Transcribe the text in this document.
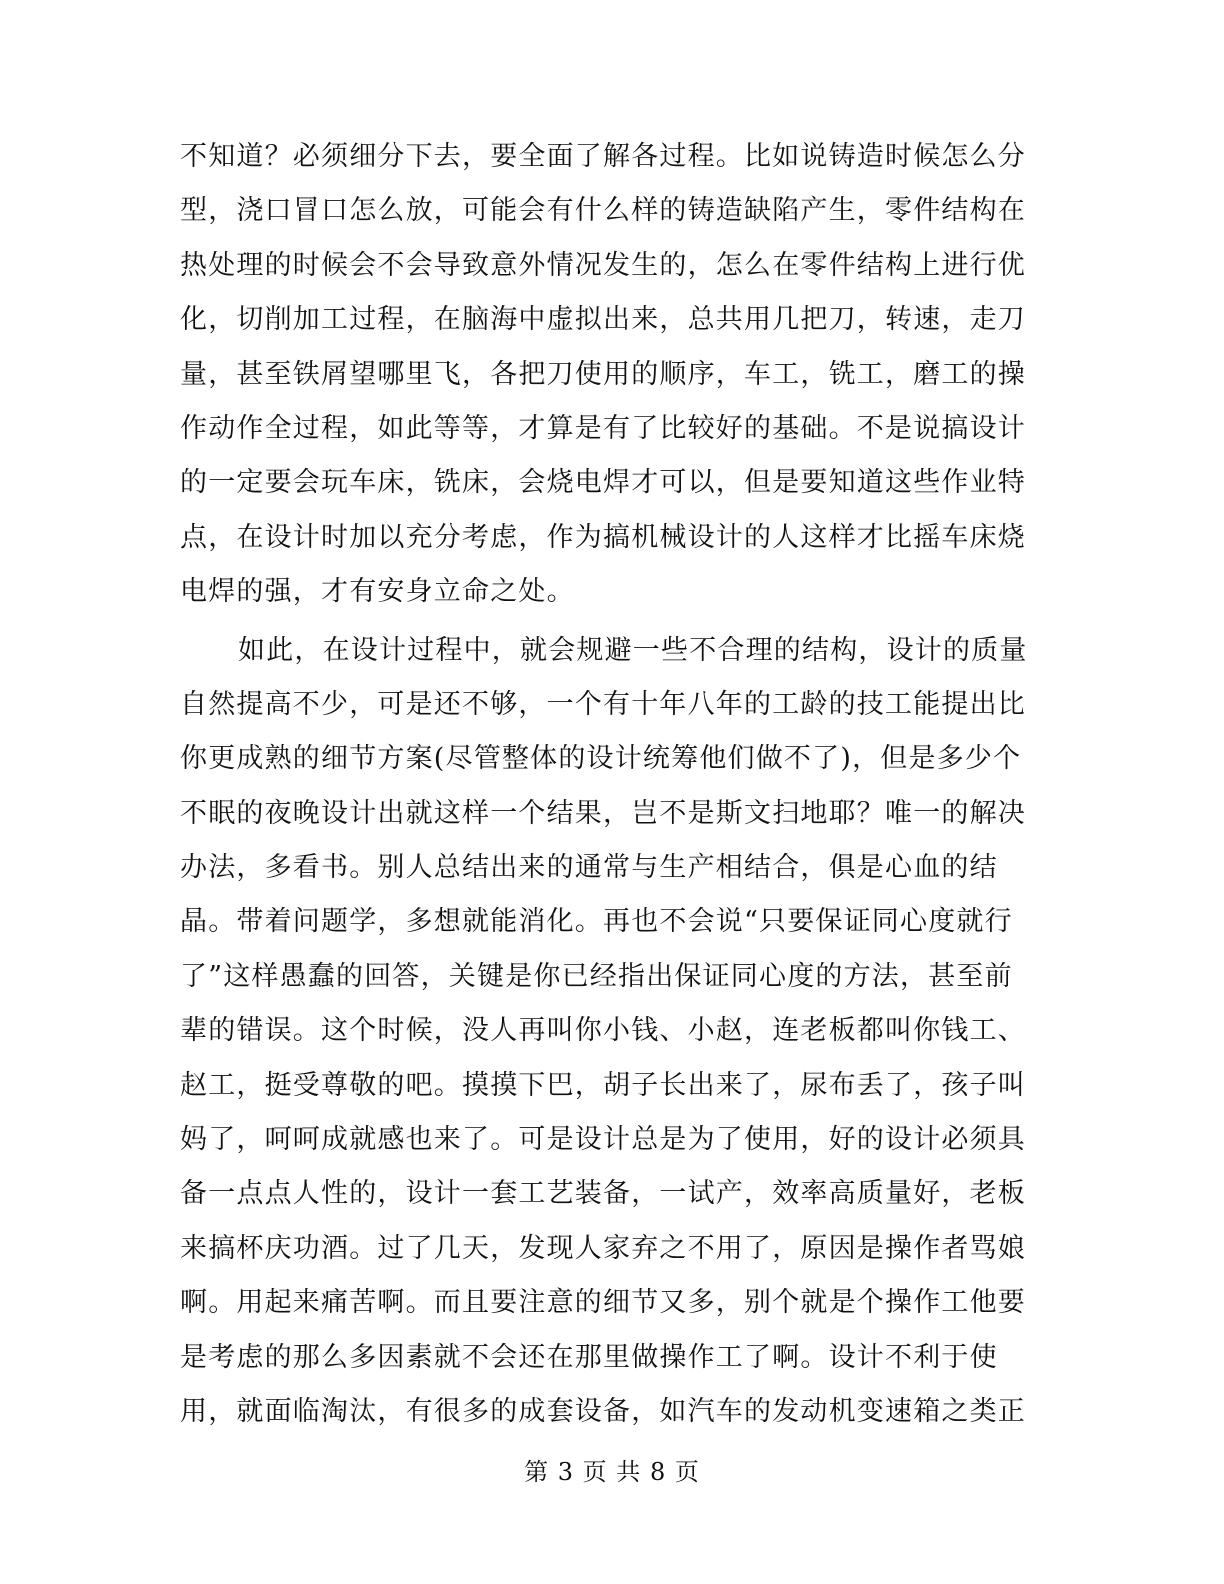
不知道？必须细分下去，要全面了解各过程。比如说铸造时候怎么分
型，浇口冒口怎么放，可能会有什么样的铸造缺陷产生，零件结构在
热处理的时候会不会导致意外情况发生的，怎么在零件结构上进行优
化，切削加工过程，在脑海中虚拟出来，总共用几把刀，转速，走刀
量，甚至铁屑望哪里飞，各把刀使用的顺序，车工，铣工，磨工的操
作动作全过程，如此等等，才算是有了比较好的基础。不是说搞设计
的一定要会玩车床，铣床，会烧电焊才可以，但是要知道这些作业特
点，在设计时加以充分考虑，作为搞机械设计的人这样才比摇车床烧
电焊的强，才有安身立命之处。
如此，在设计过程中，就会规避一些不合理的结构，设计的质量
自然提高不少，可是还不够，一个有十年八年的工龄的技工能提出比
你更成熟的细节方案(尽管整体的设计统筹他们做不了)，但是多少个
不眠的夜晚设计出就这样一个结果，岂不是斯文扫地耶？唯一的解决
办法，多看书。别人总结出来的通常与生产相结合，俱是心血的结
晶。带着问题学，多想就能消化。再也不会说“只要保证同心度就行
了”这样愚蠢的回答，关键是你已经指出保证同心度的方法，甚至前
辈的错误。这个时候，没人再叫你小钱、小赵，连老板都叫你钱工、
赵工，挺受尊敬的吧。摸摸下巴，胡子长出来了，尿布丢了，孩子叫
妈了，呵呵成就感也来了。可是设计总是为了使用，好的设计必须具
备一点点人性的，设计一套工艺装备，一试产，效率高质量好，老板
来搞杯庆功酒。过了几天，发现人家弃之不用了，原因是操作者骂娘
啊。用起来痛苦啊。而且要注意的细节又多，别个就是个操作工他要
是考虑的那么多因素就不会还在那里做操作工了啊。设计不利于使
用，就面临淘汰，有很多的成套设备，如汽车的发动机变速箱之类正
第 3 页 共 8 页
